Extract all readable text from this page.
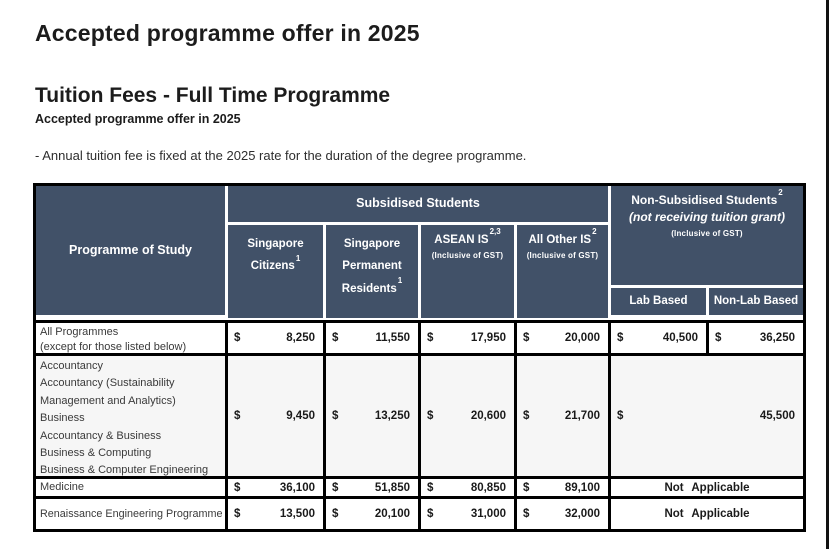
Accepted programme offer in 2025
Tuition Fees - Full Time Programme
Accepted programme offer in 2025
- Annual tuition fee is fixed at the 2025 rate for the duration of the degree programme.
Programme of Study
Subsidised Students	Non-Subsidised Students$^2$
(not receiving tuition grant)
(Inclusive of GST)
Singapore Citizens$^1$
Singapore Permanent Residents$^1$
ASEAN IS$^{2,3}$
(Inclusive of GST)
All Other $IS^2$
(Inclusive of GST)
Lab Based Non-Lab Based
All Programmes
(except for those listed below)
$	8,250 $	11,550 $	17,950 $	20,000 $	40,500 $	36,250
Accountancy
Accountancy (Sustainability Management and Analytics)
Business
Accountancy & Business
Business & Computing
Business & Computer Engineering
$	9,450 $	13,250 $	20,600 $	21,700 $	45,500
Medicine	$	36,100 $	51,850 $	80,850 $	89,100	Not Applicable
Renaissance Engineering Programme $	13,500 $	20,100 $	31,000 $	32,000	Not Applicable
